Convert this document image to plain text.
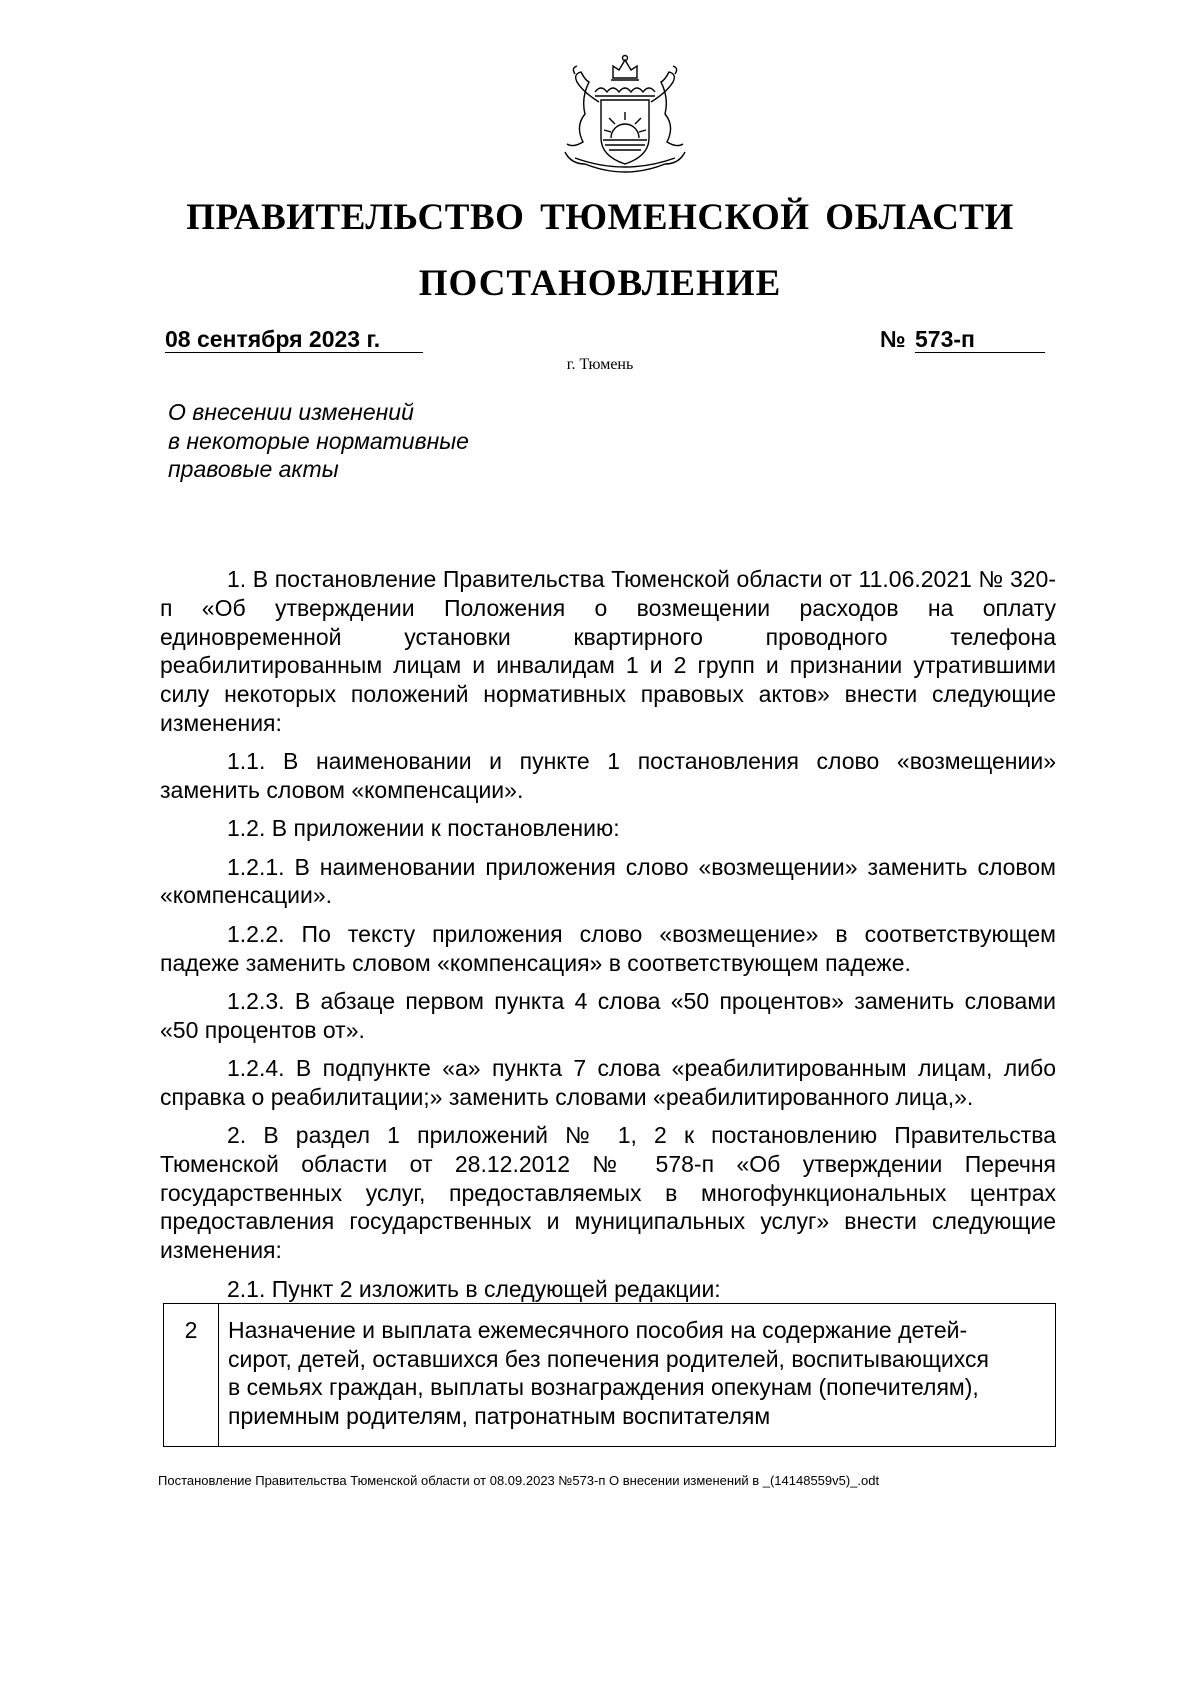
ПРАВИТЕЛЬСТВО ТЮМЕНСКОЙ ОБЛАСТИ
ПОСТАНОВЛЕНИЕ
08 сентября 2023 г.	№ 573-п
г. Тюмень
О внесении изменений
в некоторые нормативные
правовые акты

1. В постановление Правительства Тюменской области от 11.06.2021 № 320-п «Об утверждении Положения о возмещении расходов на оплату единовременной установки квартирного проводного телефона реабилитированным лицам и инвалидам 1 и 2 групп и признании утратившими силу некоторых положений нормативных правовых актов» внести следующие изменения:

1.1. В наименовании и пункте 1 постановления слово «возмещении» заменить словом «компенсации».

1.2. В приложении к постановлению:

1.2.1. В наименовании приложения слово «возмещении» заменить словом «компенсации».

1.2.2. По тексту приложения слово «возмещение» в соответствующем падеже заменить словом «компенсация» в соответствующем падеже.

1.2.3. В абзаце первом пункта 4 слова «50 процентов» заменить словами «50 процентов от».

1.2.4. В подпункте «а» пункта 7 слова «реабилитированным лицам, либо справка о реабилитации;» заменить словами «реабилитированного лица,».

2. В раздел 1 приложений № 1, 2 к постановлению Правительства Тюменской области от 28.12.2012 № 578-п «Об утверждении Перечня государственных услуг, предоставляемых в многофункциональных центрах предоставления государственных и муниципальных услуг» внести следующие изменения:

2.1. Пункт 2 изложить в следующей редакции:

2	Назначение и выплата ежемесячного пособия на содержание детей-
сирот, детей, оставшихся без попечения родителей, воспитывающихся
в семьях граждан, выплаты вознаграждения опекунам (попечителям),
приемным родителям, патронатным воспитателям
Постановление Правительства Тюменской области от 08.09.2023 №573-п О внесении изменений в _(14148559v5)_.odt
